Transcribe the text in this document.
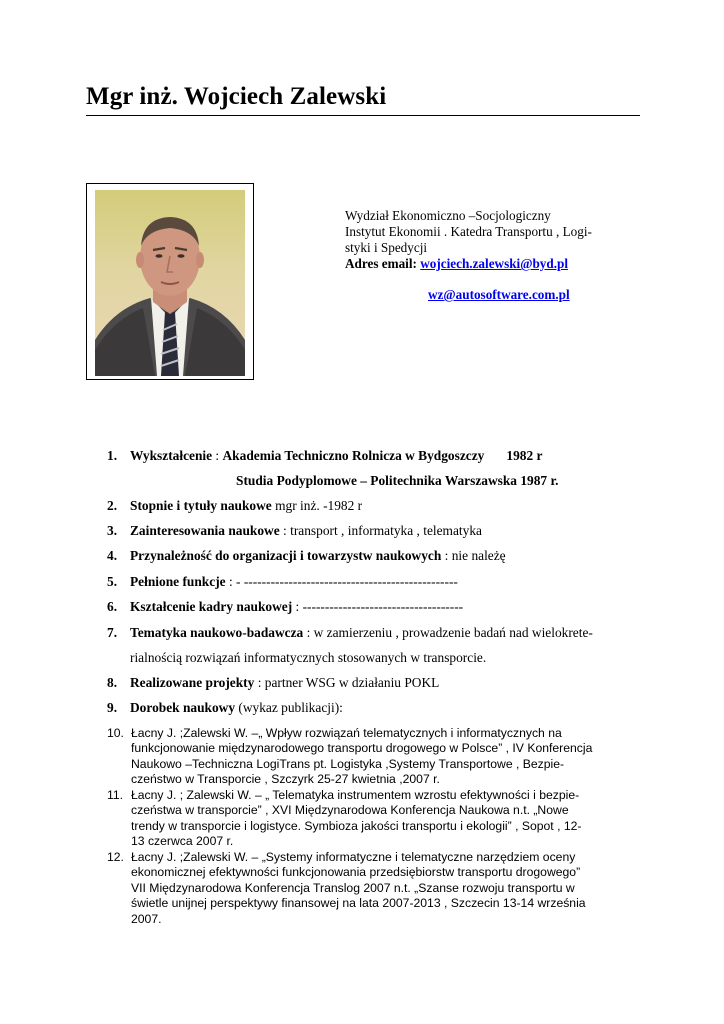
Mgr inż. Wojciech Zalewski
Wydział Ekonomiczno –Socjologiczny
Instytut Ekonomii . Katedra Transportu , Logi-
styki i Spedycji
Adres email: wojciech.zalewski@byd.pl
wz@autosoftware.com.pl
1. Wykształcenie : Akademia Techniczno Rolnicza w Bydgoszczy 1982 r
Studia Podyplomowe – Politechnika Warszawska 1987 r.
2. Stopnie i tytuły naukowe mgr inż. -1982 r
3. Zainteresowania naukowe : transport , informatyka , telematyka
4. Przynależność do organizacji i towarzystw naukowych : nie należę
5. Pełnione funkcje : - ------------------------------------------------
6. Kształcenie kadry naukowej : ------------------------------------
7. Tematyka naukowo-badawcza : w zamierzeniu , prowadzenie badań nad wielokrete-
rialnością rozwiązań informatycznych stosowanych w transporcie.
8. Realizowane projekty : partner WSG w działaniu POKL
9. Dorobek naukowy (wykaz publikacji):
10. Łacny J. ;Zalewski W. –„ Wpływ rozwiązań telematycznych i informatycznych na
funkcjonowanie międzynarodowego transportu drogowego w Polsce” , IV Konferencja
Naukowo –Techniczna LogiTrans pt. Logistyka ,Systemy Transportowe , Bezpie-
czeństwo w Transporcie , Szczyrk 25-27 kwietnia ,2007 r.
11. Łacny J. ; Zalewski W. – „ Telematyka instrumentem wzrostu efektywności i bezpie-
czeństwa w transporcie” , XVI Międzynarodowa Konferencja Naukowa n.t. „Nowe
trendy w transporcie i logistyce. Symbioza jakości transportu i ekologii” , Sopot , 12-
13 czerwca 2007 r.
12. Łacny J. ;Zalewski W. – „Systemy informatyczne i telematyczne narzędziem oceny
ekonomicznej efektywności funkcjonowania przedsiębiorstw transportu drogowego”
VII Międzynarodowa Konferencja Translog 2007 n.t. „Szanse rozwoju transportu w
świetle unijnej perspektywy finansowej na lata 2007-2013 , Szczecin 13-14 września
2007.
